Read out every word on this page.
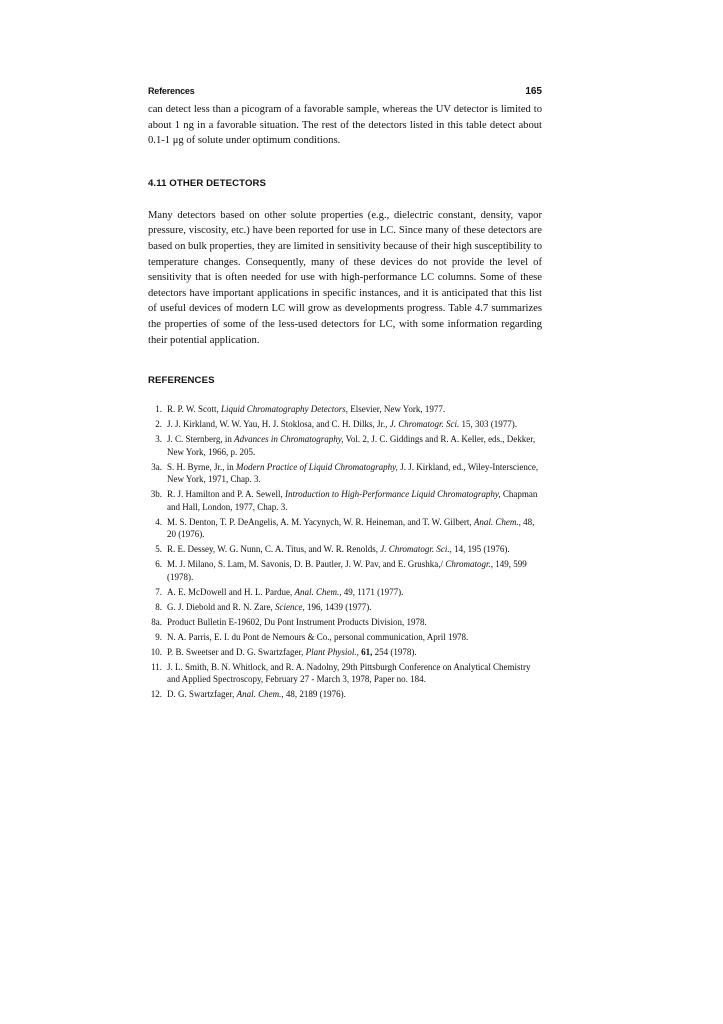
References	165

can detect less than a picogram of a favorable sample, whereas the UV detector is limited to about 1 ng in a favorable situation. The rest of the detectors listed in this table detect about 0.1-1 μg of solute under optimum conditions.

4.11 OTHER DETECTORS

Many detectors based on other solute properties (e.g., dielectric constant, density, vapor pressure, viscosity, etc.) have been reported for use in LC. Since many of these detectors are based on bulk properties, they are limited in sensitivity because of their high susceptibility to temperature changes. Consequently, many of these devices do not provide the level of sensitivity that is often needed for use with high-performance LC columns. Some of these detectors have important applications in specific instances, and it is anticipated that this list of useful devices of modern LC will grow as developments progress. Table 4.7 summarizes the properties of some of the less-used detectors for LC, with some information regarding their potential application.

REFERENCES
1. R. P. W. Scott, Liquid Chromatography Detectors, Elsevier, New York, 1977.
2. J. J. Kirkland, W. W. Yau, H. J. Stoklosa, and C. H. Dilks, Jr., J. Chromatogr. Sci. 15, 303 (1977).
3. J. C. Sternberg, in Advances in Chromatography, Vol. 2, J. C. Giddings and R. A. Keller, eds., Dekker, New York, 1966, p. 205.
3a. S. H. Byrne, Jr., in Modern Practice of Liquid Chromatography, J. J. Kirkland, ed., Wiley-Interscience, New York, 1971, Chap. 3.
3b. R. J. Hamilton and P. A. Sewell, Introduction to High-Performance Liquid Chromatography, Chapman and Hall, London, 1977, Chap. 3.
4. M. S. Denton, T. P. DeAngelis, A. M. Yacynych, W. R. Heineman, and T. W. Gilbert, Anal. Chem., 48, 20 (1976).
5. R. E. Dessey, W. G. Nunn, C. A. Titus, and W. R. Renolds, J. Chromatogr. Sci., 14, 195 (1976).
6. M. J. Milano, S. Lam, M. Savonis, D. B. Pautler, J. W. Pav, and E. Grushka,/ Chromatogr., 149, 599 (1978).
7. A. E. McDowell and H. L. Pardue, Anal. Chem., 49, 1171 (1977).
8. G. J. Diebold and R. N. Zare, Science, 196, 1439 (1977).
8a. Product Bulletin E-19602, Du Pont Instrument Products Division, 1978.
9. N. A. Parris, E. I. du Pont de Nemours & Co., personal communication, April 1978.
10. P. B. Sweetser and D. G. Swartzfager, Plant Physiol., 61, 254 (1978).
11. J. L. Smith, B. N. Whitlock, and R. A. Nadolny, 29th Pittsburgh Conference on Analytical Chemistry and Applied Spectroscopy, February 27 - March 3, 1978, Paper no. 184.
12. D. G. Swartzfager, Anal. Chem., 48, 2189 (1976).
